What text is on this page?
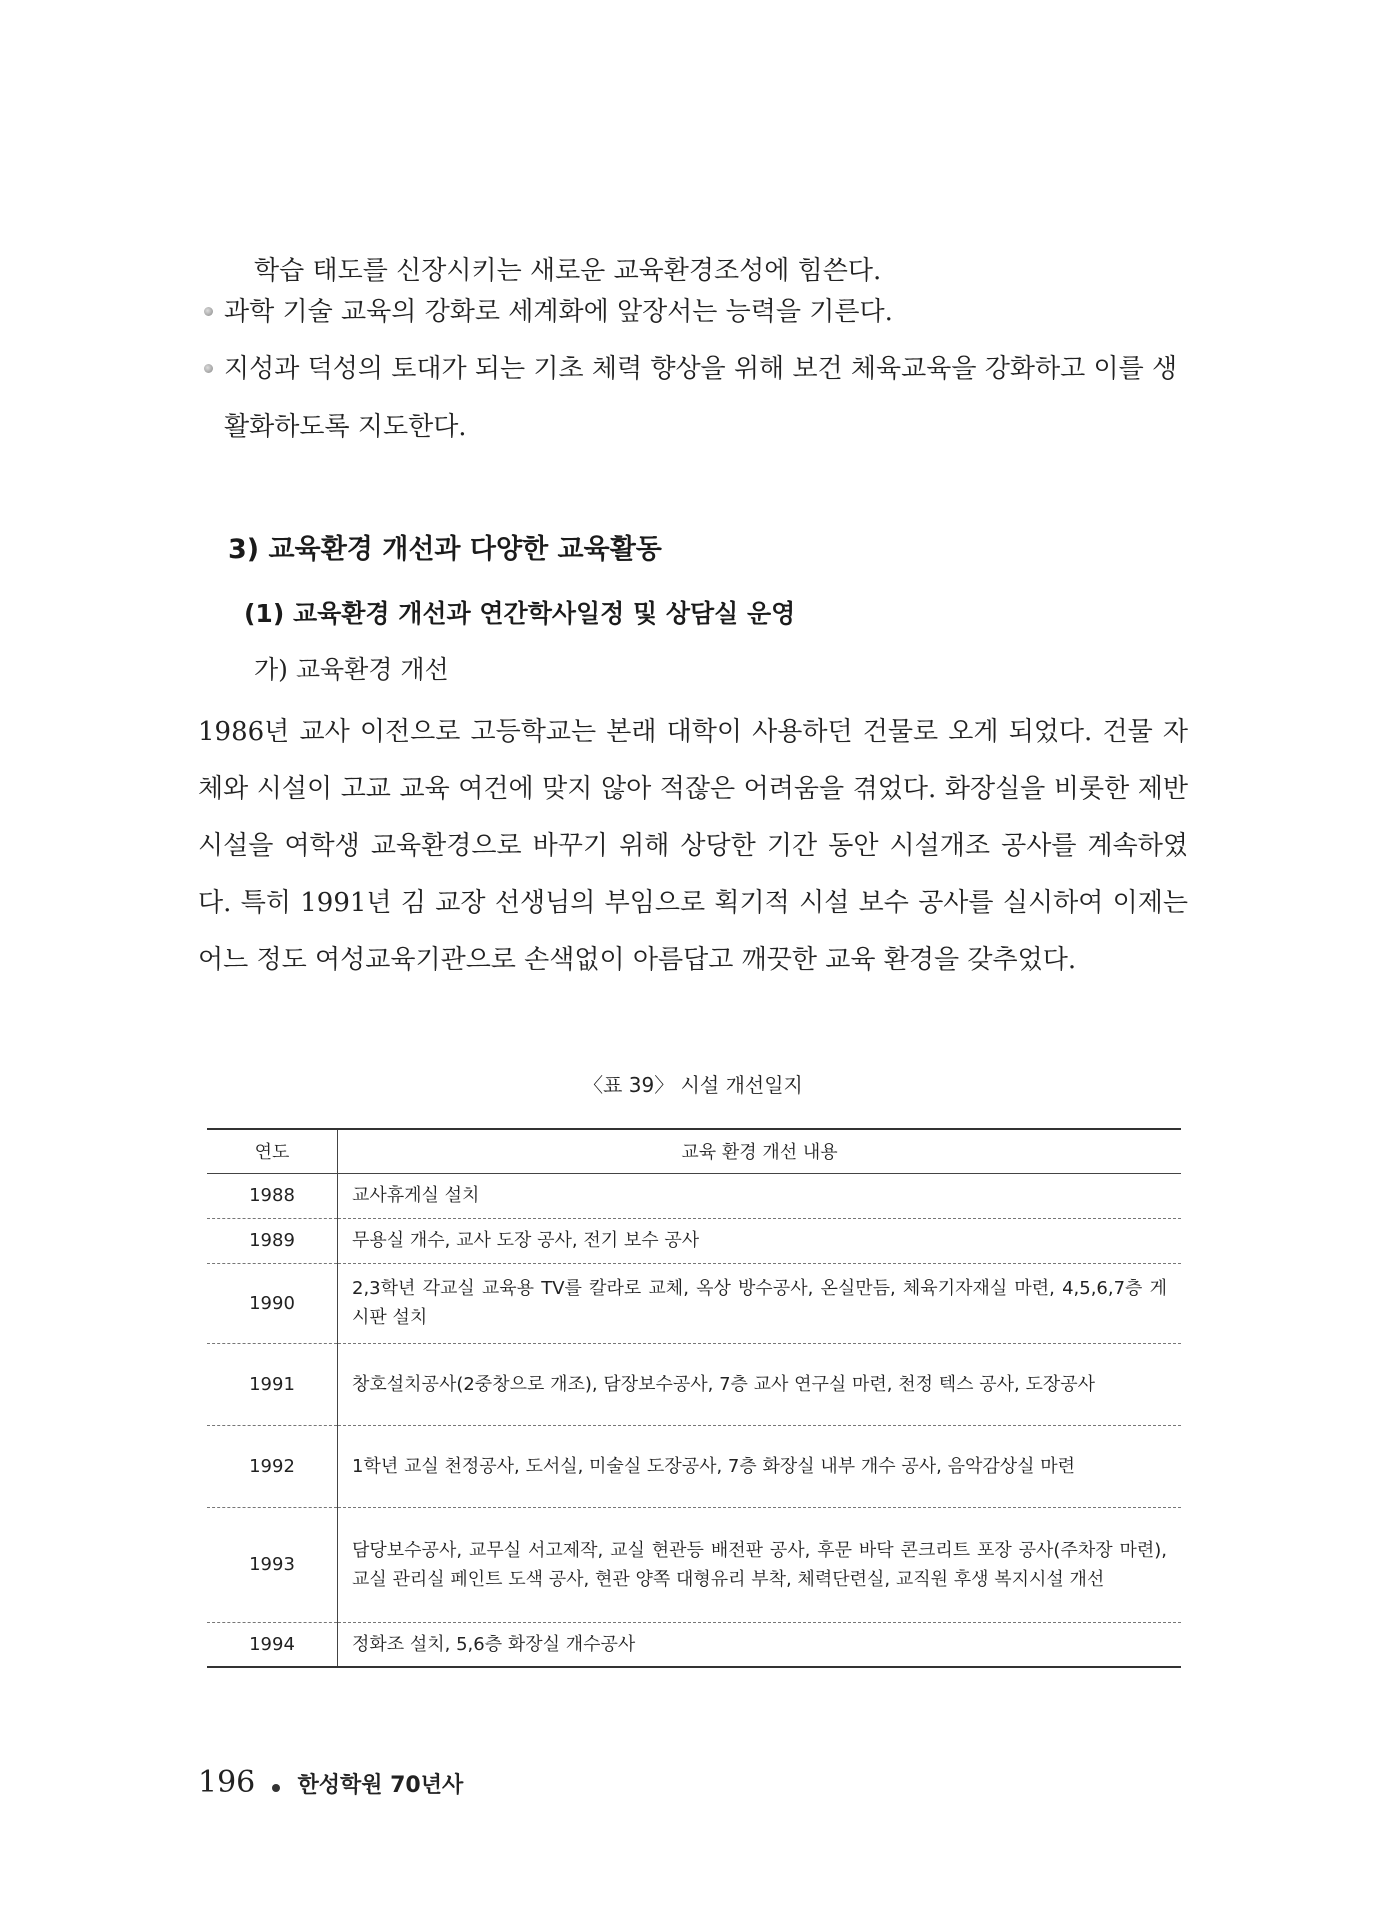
학습 태도를 신장시키는 새로운 교육환경조성에 힘쓴다.
과학 기술 교육의 강화로 세계화에 앞장서는 능력을 기른다.
지성과 덕성의 토대가 되는 기초 체력 향상을 위해 보건 체육교육을 강화하고 이를 생활화하도록 지도한다.
3) 교육환경 개선과 다양한 교육활동
(1) 교육환경 개선과 연간학사일정 및 상담실 운영
가) 교육환경 개선
1986년 교사 이전으로 고등학교는 본래 대학이 사용하던 건물로 오게 되었다. 건물 자체와 시설이 고교 교육 여건에 맞지 않아 적잖은 어려움을 겪었다. 화장실을 비롯한 제반시설을 여학생 교육환경으로 바꾸기 위해 상당한 기간 동안 시설개조 공사를 계속하였다. 특히 1991년 김 교장 선생님의 부임으로 획기적 시설 보수 공사를 실시하여 이제는 어느 정도 여성교육기관으로 손색없이 아름답고 깨끗한 교육 환경을 갖추었다.
〈표 39〉 시설 개선일지
연도	교육 환경 개선 내용
1988	교사휴게실 설치
1989	무용실 개수, 교사 도장 공사, 전기 보수 공사
1990	2,3학년 각교실 교육용 TV를 칼라로 교체, 옥상 방수공사, 온실만듬, 체육기자재실 마련, 4,5,6,7층 게시판 설치
1991	창호설치공사(2중창으로 개조), 담장보수공사, 7층 교사 연구실 마련, 천정 텍스 공사, 도장공사
1992	1학년 교실 천정공사, 도서실, 미술실 도장공사, 7층 화장실 내부 개수 공사, 음악감상실 마련
1993	담당보수공사, 교무실 서고제작, 교실 현관등 배전판 공사, 후문 바닥 콘크리트 포장 공사(주차장 마련), 교실 관리실 페인트 도색 공사, 현관 양쪽 대형유리 부착, 체력단련실, 교직원 후생 복지시설 개선
1994	정화조 설치, 5,6층 화장실 개수공사
196 한성학원 70년사
